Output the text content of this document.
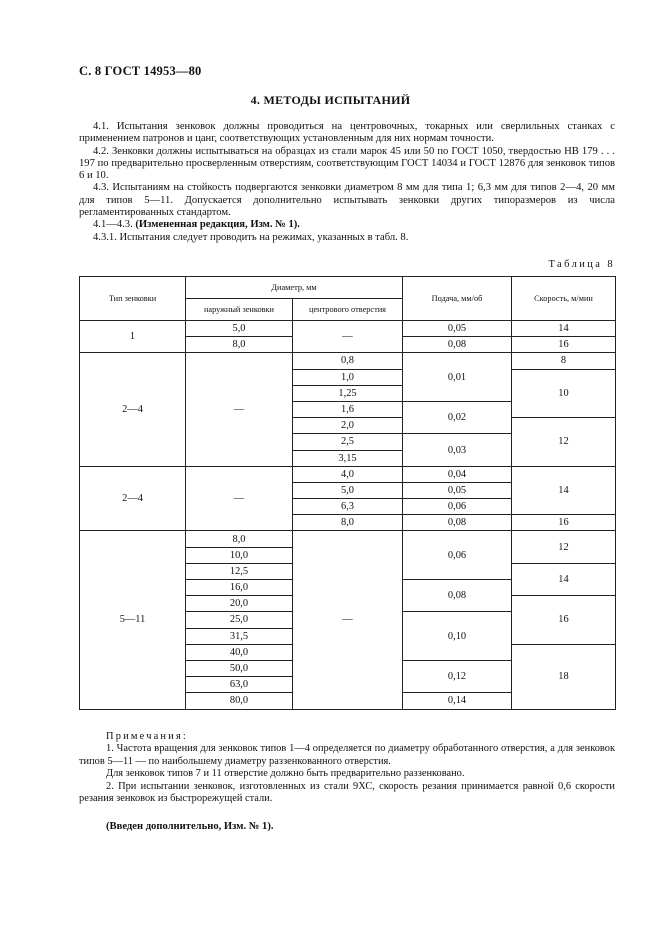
С. 8 ГОСТ 14953—80
4. МЕТОДЫ ИСПЫТАНИЙ

4.1. Испытания зенковок должны проводиться на центровочных, токарных или сверлильных станках с применением патронов и цанг, соответствующих установленным для них нормам точности.

4.2. Зенковки должны испытываться на образцах из стали марок 45 или 50 по ГОСТ 1050, твердостью НВ 179 . . . 197 по предварительно просверленным отверстиям, соответствующим ГОСТ 14034 и ГОСТ 12876 для зенковок типов 6 и 10.

4.3. Испытаниям на стойкость подвергаются зенковки диаметром 8 мм для типа 1; 6,3 мм для типов 2—4, 20 мм для типов 5—11. Допускается дополнительно испытывать зенковки других типоразмеров из числа регламентированных стандартом.

4.1—4.3. (Измененная редакция, Изм. № 1).

4.3.1. Испытания следует проводить на режимах, указанных в табл. 8.

Таблица 8
Тип зенковки	Диаметр, мм		Подача, мм/об	Скорость, м/мин
	наружный зенковки	центрового отверстия		
1	5,0	—	0,05	14
	8,0		0,08	16
2—4	—	0,8	0,01	8
		1,0		10
		1,25		
		1,6	0,02	
		2,0		12
		2,5	0,03	
		3,15		
2—4	—	4,0	0,04	14
		5,0	0,05	
		6,3	0,06	
		8,0	0,08	16
5—11	8,0	—	0,06	12
	10,0			
	12,5			14
	16,0		0,08	
	20,0			16
	25,0		0,10	
	31,5			
	40,0			18
	50,0		0,12	
	63,0			
	80,0		0,14	

Примечания:

1. Частота вращения для зенковок типов 1—4 определяется по диаметру обработанного отверстия, а для зенковок типов 5—11 — по наибольшему диаметру раззенкованного отверстия.

Для зенковок типов 7 и 11 отверстие должно быть предварительно раззенковано.

2. При испытании зенковок, изготовленных из стали 9ХС, скорость резания принимается равной 0,6 скорости резания зенковок из быстрорежущей стали.

(Введен дополнительно, Изм. № 1).
